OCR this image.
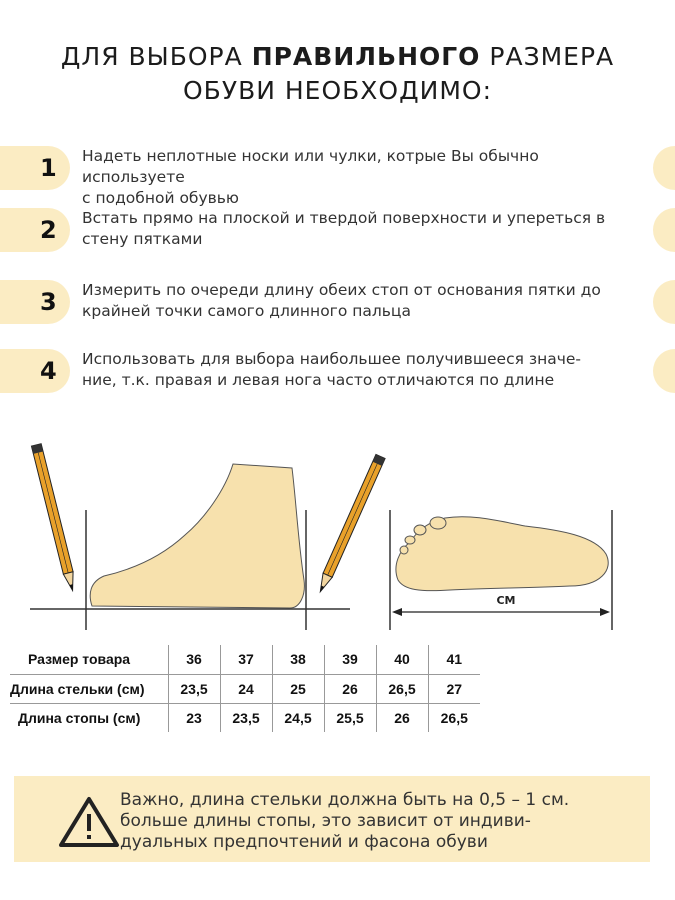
ДЛЯ ВЫБОРА ПРАВИЛЬНОГО РАЗМЕРА
ОБУВИ НЕОБХОДИМО:
1 Надеть неплотные носки или чулки, котрые Вы обычно используете
с подобной обувью
2 Встать прямо на плоской и твердой поверхности и упереться в
стену пятками
3 Измерить по очереди длину обеих стоп от основания пятки до
крайней точки самого длинного пальца
4 Использовать для выбора наибольшее получившееся значе-
ние, т.к. правая и левая нога часто отличаются по длине
СМ
Размер товара	36	37	38	39	40	41
Длина стельки (см)	23,5	24	25	26	26,5	27
Длина стопы (см)	23	23,5	24,5	25,5	26	26,5
Важно, длина стельки должна быть на 0,5 – 1 см.
больше длины стопы, это зависит от индиви-
дуальных предпочтений и фасона обуви
